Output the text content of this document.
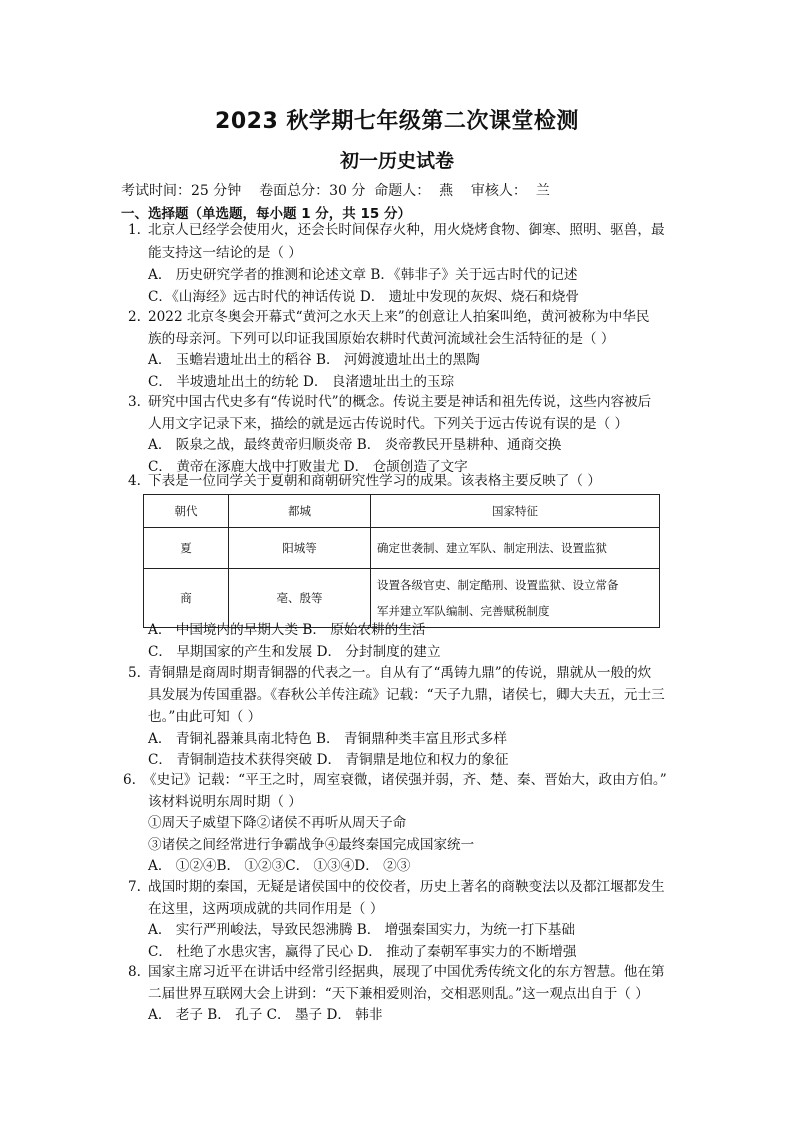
2023 秋学期七年级第二次课堂检测
初一历史试卷
考试时间：25 分钟    卷面总分：30 分  命题人：  燕    审核人：  兰
一、选择题（单选题，每小题 1 分，共 15 分）
1. 北京人已经学会使用火，还会长时间保存火种，用火烧烤食物、御寒、照明、驱兽，最
能支持这一结论的是（ ）
A． 历史研究学者的推测和论述文章 B．《韩非子》关于远古时代的记述
C．《山海经》远古时代的神话传说 D． 遗址中发现的灰烬、烧石和烧骨
2. 2022 北京冬奥会开幕式“黄河之水天上来”的创意让人拍案叫绝，黄河被称为中华民
族的母亲河。下列可以印证我国原始农耕时代黄河流域社会生活特征的是（ ）
A． 玉蟾岩遗址出土的稻谷 B． 河姆渡遗址出土的黑陶
C． 半坡遗址出土的纺轮 D． 良渚遗址出土的玉琮
3. 研究中国古代史多有“传说时代”的概念。传说主要是神话和祖先传说，这些内容被后
人用文字记录下来，描绘的就是远古传说时代。下列关于远古传说有误的是（ ）
A． 阪泉之战，最终黄帝归顺炎帝 B． 炎帝教民开垦耕种、通商交换
C． 黄帝在涿鹿大战中打败蚩尤 D． 仓颉创造了文字
4. 下表是一位同学关于夏朝和商朝研究性学习的成果。该表格主要反映了（ ）
朝代	都城	国家特征
夏	阳城等	确定世袭制、建立军队、制定刑法、设置监狱

商	亳、殷等	设置各级官吏、制定酷刑、设置监狱、设立常备
军并建立军队编制、完善赋税制度
A． 中国境内的早期人类 B． 原始农耕的生活
C． 早期国家的产生和发展 D． 分封制度的建立
5. 青铜鼎是商周时期青铜器的代表之一。自从有了“禹铸九鼎”的传说，鼎就从一般的炊
具发展为传国重器。《春秋公羊传注疏》记载：“天子九鼎，诸侯七，卿大夫五，元士三
也。”由此可知（ ）
A． 青铜礼器兼具南北特色 B． 青铜鼎种类丰富且形式多样
C． 青铜制造技术获得突破 D． 青铜鼎是地位和权力的象征
6. 《史记》记载：“平王之时，周室衰微，诸侯强并弱，齐、楚、秦、晋始大，政由方伯。”
该材料说明东周时期（ ）
①周天子威望下降②诸侯不再听从周天子命
③诸侯之间经常进行争霸战争④最终秦国完成国家统一
A． ①②④B． ①②③C． ①③④D． ②③
7. 战国时期的秦国，无疑是诸侯国中的佼佼者，历史上著名的商鞅变法以及都江堰都发生
在这里，这两项成就的共同作用是（ ）
A． 实行严刑峻法，导致民怨沸腾 B． 增强秦国实力，为统一打下基础
C． 杜绝了水患灾害，赢得了民心 D． 推动了秦朝军事实力的不断增强
8. 国家主席习近平在讲话中经常引经据典，展现了中国优秀传统文化的东方智慧。他在第
二届世界互联网大会上讲到：“天下兼相爱则治，交相恶则乱。”这一观点出自于（ ）
A． 老子 B． 孔子 C． 墨子 D． 韩非
